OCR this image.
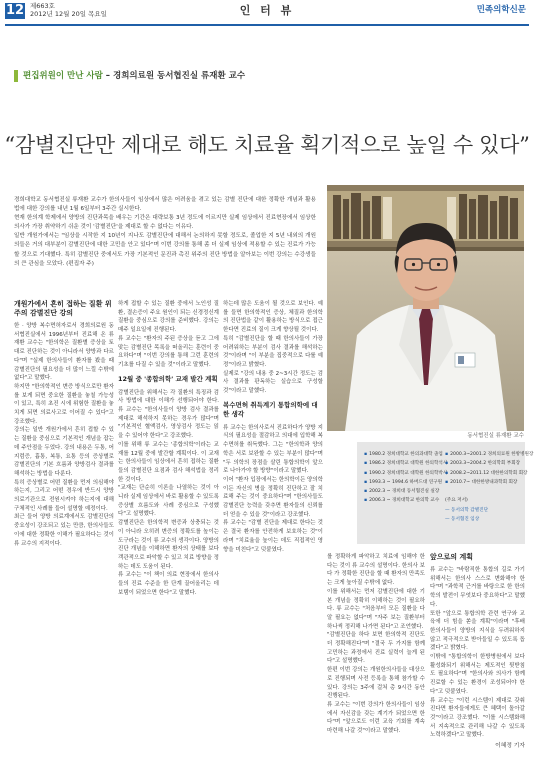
12 제663호
2012년 12월 20일 목요일	인 터 뷰	민족의학신문
편집위원이 만난 사람 – 경희의료원 동서협진실 류재환 교수
“감별진단만 제대로 해도 치료율 획기적으로 높일 수 있다”

경희대학교 동서협진실 류재환 교수가 한의사들이 임상에서 많은 어려움을 겪고 있는 감별 진단에 대한 정확한 개념과 활용법에 대한 강의를 내년 1월 6일부터 3주간 실시한다.

현재 한의계 학제에서 양방의 진단과목을 배우는 기간은 대략보통 3년 정도에 이르지만 실제 임상에서 진료현장에서 임상한의사가 가장 취약하기 쉬운 것이 '감별진단'을 제대로 할 수 없다는 이유다.

일반 개원가에서는 "임상을 시작한 지 10년이 지나도 감별진단에 대해서 논의하지 못할 정도로, 졸업한 지 5년 내외의 개원의들은 거의 대부분이 감별진단에 대한 고민을 안고 있다"며 이번 강의를 통해 좀 더 실제 임상에 적용할 수 있는 진료가 가능할 것으로 기대했다. 특히 감별진단 중에서도 가장 기본적인 문진과 촉진 위주의 진단 방법을 알아보는 이번 강의는 수강생들의 큰 관심을 모았다. (편집자 주)

동서협진실 류재환 교수
▪ 1980.2 경희대학교 한의과대학 졸업
▪ 1986.2 경희대학교 대학원 한의학석사
▪ 1990.2 경희대학교 대학원 한의학박사
▪ 1993.3 ~ 1994.6 하버드대 연구원
▪ 2002.3 ~ 경희대 동서협진실 실장
▪ 2006.3 ~ 경희대학교 한의학 교수
▪ 2000.3~2001.2 경희의료원 한방병원장
▪ 2003.3~2004.2 한의학회 부회장
▪ 2008.2~2011.12 대한한의학회 회장
▪ 2010.7~ 대한한방내과학회 회장

(주요 저서)
— 동서의학 감별진단
— 동서협진 임상
개원가에서 흔히 접하는 질환 위주의 감별진단 강의

한 · 양방 복수면허자로서 경희의료원 동서협진실에서 1996년부터 진료해 온 류재환 교수는 "한의학은 질환별 증상을 토대로 진단하는 것이 아니라서 양방과 다르다"며 "실제 한의사들이 환자를 봤을 때 감별진단의 필요성을 더 많이 느낄 수밖에 없다"고 말했다.

하지만 "한의학적인 변증 방식으로만 환자를 보게 되면 중요한 질환을 놓칠 가능성이 있고, 특히 초진 시에 위험한 질환을 놓치게 되면 의료사고로 이어질 수 있다"고 강조했다.

강의는 일반 개원가에서 흔히 접할 수 있는 질환을 중심으로 기본적인 개념을 잡는 데 주안점을 두었다. 강의 내용은 두통, 어지럼증, 흉통, 복통, 요통 등의 증상별로 감별진단의 기본 흐름과 양방검사 결과를 해석하는 방법을 다룬다.

특히 증상별로 어떤 질환을 먼저 의심해야 하는지, 그리고 어떤 경우에 반드시 양방 의료기관으로 전원시켜야 하는지에 대해 구체적인 사례를 들어 설명할 예정이다.

최근 들어 양방 의료계에서도 감별진단의 중요성이 강조되고 있는 만큼, 한의사들도 이에 대한 정확한 이해가 필요하다는 것이 류 교수의 지적이다.

하게 접할 수 있는 질환 중에서 노인성 질환, 결손증이 주요 원인이 되는 신경정신계 질환을 중심으로 강의를 준비했다. 강의는 매주 일요일에 진행된다.

류 교수는 "환자의 주된 증상을 듣고 그에 맞는 감별진단 목록을 떠올리는 훈련이 중요하다"며 "이번 강의를 통해 그런 훈련의 기초를 다질 수 있을 것"이라고 말했다.

12월 중 '종합의학' 교재 발간 계획

감별진단을 위해서는 각 질환의 특징과 검사 방법에 대한 이해가 선행되어야 한다. 류 교수는 "한의사들이 양방 검사 결과를 제대로 해석하지 못하는 경우가 많다"며 "기본적인 혈액검사, 영상검사 정도는 읽을 수 있어야 한다"고 강조했다.

이를 위해 류 교수는 '종합의학'이라는 교재를 12월 중에 발간할 계획이다. 이 교재는 한의사들이 임상에서 흔히 접하는 질환들의 감별진단 요점과 검사 해석법을 정리한 것이다.

"교재는 단순히 이론을 나열하는 것이 아니라 실제 임상에서 바로 활용할 수 있도록 증상별 흐름도와 사례 중심으로 구성했다"고 설명했다.

감별진단은 한의학적 변증과 상충되는 것이 아니라 오히려 변증의 정확도를 높이는 도구라는 것이 류 교수의 생각이다. 양방의 진단 개념을 이해하면 환자의 상태를 보다 객관적으로 파악할 수 있고 치료 방향을 정하는 데도 도움이 된다.

류 교수는 "이 책이 의료 현장에서 한의사들의 진료 수준을 한 단계 끌어올리는 데 보탬이 되었으면 한다"고 말했다.

하는데 많은 도움이 될 것으로 보인다. 예를 들면 한의학적인 증상, 체질과 한의학의 진단법을 같이 활용하는 방식으로 접근한다면 진료의 질이 크게 향상될 것이다.

특히 "감별진단을 할 때 한의사들이 가장 어려워하는 부분이 검사 결과를 해석하는 것"이라며 "이 부분을 집중적으로 다룰 예정"이라고 밝혔다.

실제로 "강의 내용 중 2~3시간 정도는 검사 결과를 판독하는 실습으로 구성할 것"이라고 말했다.

복수면허 취득계기 통합의학에 대한 생각

류 교수는 한의사로서 진료하다가 양방 지식의 필요성을 절감하고 의대에 입학해 복수면허를 취득했다. 그는 "한의학과 양의학은 서로 보완할 수 있는 부분이 많다"며 "두 의학의 장점을 살린 통합의학이 앞으로 나아가야 할 방향"이라고 말했다.

이어 "환자 입장에서는 한의학이든 양의학이든 자신의 병을 정확히 진단하고 잘 치료해 주는 것이 중요하다"며 "한의사들도 감별진단 능력을 갖추면 환자들의 신뢰를 더 얻을 수 있을 것"이라고 강조했다.

류 교수는 "감별 진단을 제대로 한다는 것은 결국 환자를 안전하게 보호하는 것"이라며 "치료율을 높이는 데도 직접적인 영향을 미친다"고 덧붙였다.

를 정확하게 파악하고 치료에 임해야 한다는 것이 류 교수의 설명이다. 한의사 보다 가 정확한 진단을 할 때 환자의 만족도는 크게 높아질 수밖에 없다.

이를 위해서는 먼저 감별진단에 대한 기본 개념을 정확히 이해하는 것이 필요하다. 류 교수는 "처음부터 모든 질환을 다 알 필요는 없다"며 "자주 보는 질환부터 하나씩 정리해 나가면 된다"고 조언했다.

"감별진단을 하다 보면 한의학적 진단도 더 정확해진다"며 "결국 두 가지를 함께 고민하는 과정에서 진료 실력이 늘게 된다"고 설명했다.

한편 이번 강의는 개원한의사들을 대상으로 진행되며 사전 등록을 통해 참가할 수 있다. 강의는 3주에 걸쳐 총 9시간 동안 진행된다.

류 교수는 "이번 강의가 한의사들이 임상에서 자신감을 갖는 계기가 되었으면 한다"며 "앞으로도 이런 교육 기회를 계속 마련해 나갈 것"이라고 말했다.

앞으로의 계획

류 교수는 "바람직한 통합의 길로 가기 위해서는 한의사 스스로 변화해야 한다"며 "과학적 근거를 바탕으로 한 한의학의 발전이 무엇보다 중요하다"고 말했다.

또한 "앞으로 통합의학 관련 연구와 교육에 더 힘을 쏟을 계획"이라며 "후배 한의사들이 양방의 지식을 두려워하지 않고 적극적으로 받아들일 수 있도록 돕겠다"고 밝혔다.

이밖에 "통합의학이 한방병원에서 보다 활성화되기 위해서는 제도적인 뒷받침도 필요하다"며 "한의사와 의사가 함께 진료할 수 있는 환경이 조성되어야 한다"고 덧붙였다.

류 교수는 "이런 시스템이 제대로 갖춰진다면 환자들에게도 큰 혜택이 돌아갈 것"이라고 강조했다. "이를 시스템화해서 지속적으로 관리해 나갈 수 있도록 노력하겠다"고 말했다.

이혜정 기자
